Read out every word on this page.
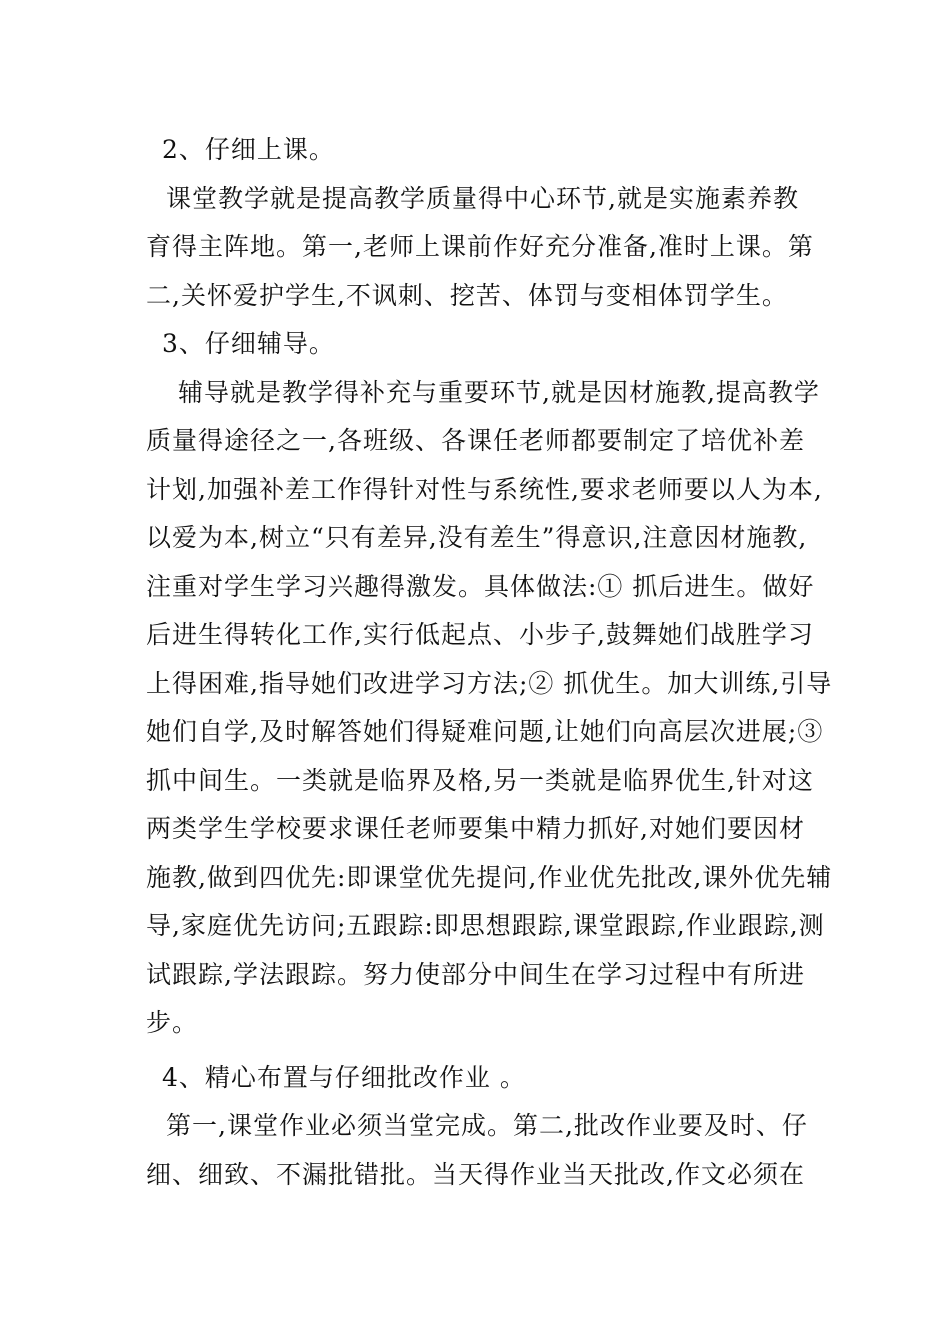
2、仔细上课。
课堂教学就是提高教学质量得中心环节,就是实施素养教
育得主阵地。第一,老师上课前作好充分准备,准时上课。第
二,关怀爱护学生,不讽刺、挖苦、体罚与变相体罚学生。
3、仔细辅导。
辅导就是教学得补充与重要环节,就是因材施教,提高教学
质量得途径之一,各班级、各课任老师都要制定了培优补差
计划,加强补差工作得针对性与系统性,要求老师要以人为本,
以爱为本,树立“只有差异,没有差生”得意识,注意因材施教,
注重对学生学习兴趣得激发。具体做法:① 抓后进生。做好
后进生得转化工作,实行低起点、小步子,鼓舞她们战胜学习
上得困难,指导她们改进学习方法;② 抓优生。加大训练,引导
她们自学,及时解答她们得疑难问题,让她们向高层次进展;③
抓中间生。一类就是临界及格,另一类就是临界优生,针对这
两类学生学校要求课任老师要集中精力抓好,对她们要因材
施教,做到四优先:即课堂优先提问,作业优先批改,课外优先辅
导,家庭优先访问;五跟踪:即思想跟踪,课堂跟踪,作业跟踪,测
试跟踪,学法跟踪。努力使部分中间生在学习过程中有所进
步。
4、精心布置与仔细批改作业 。
第一,课堂作业必须当堂完成。第二,批改作业要及时、仔
细、细致、不漏批错批。当天得作业当天批改,作文必须在
